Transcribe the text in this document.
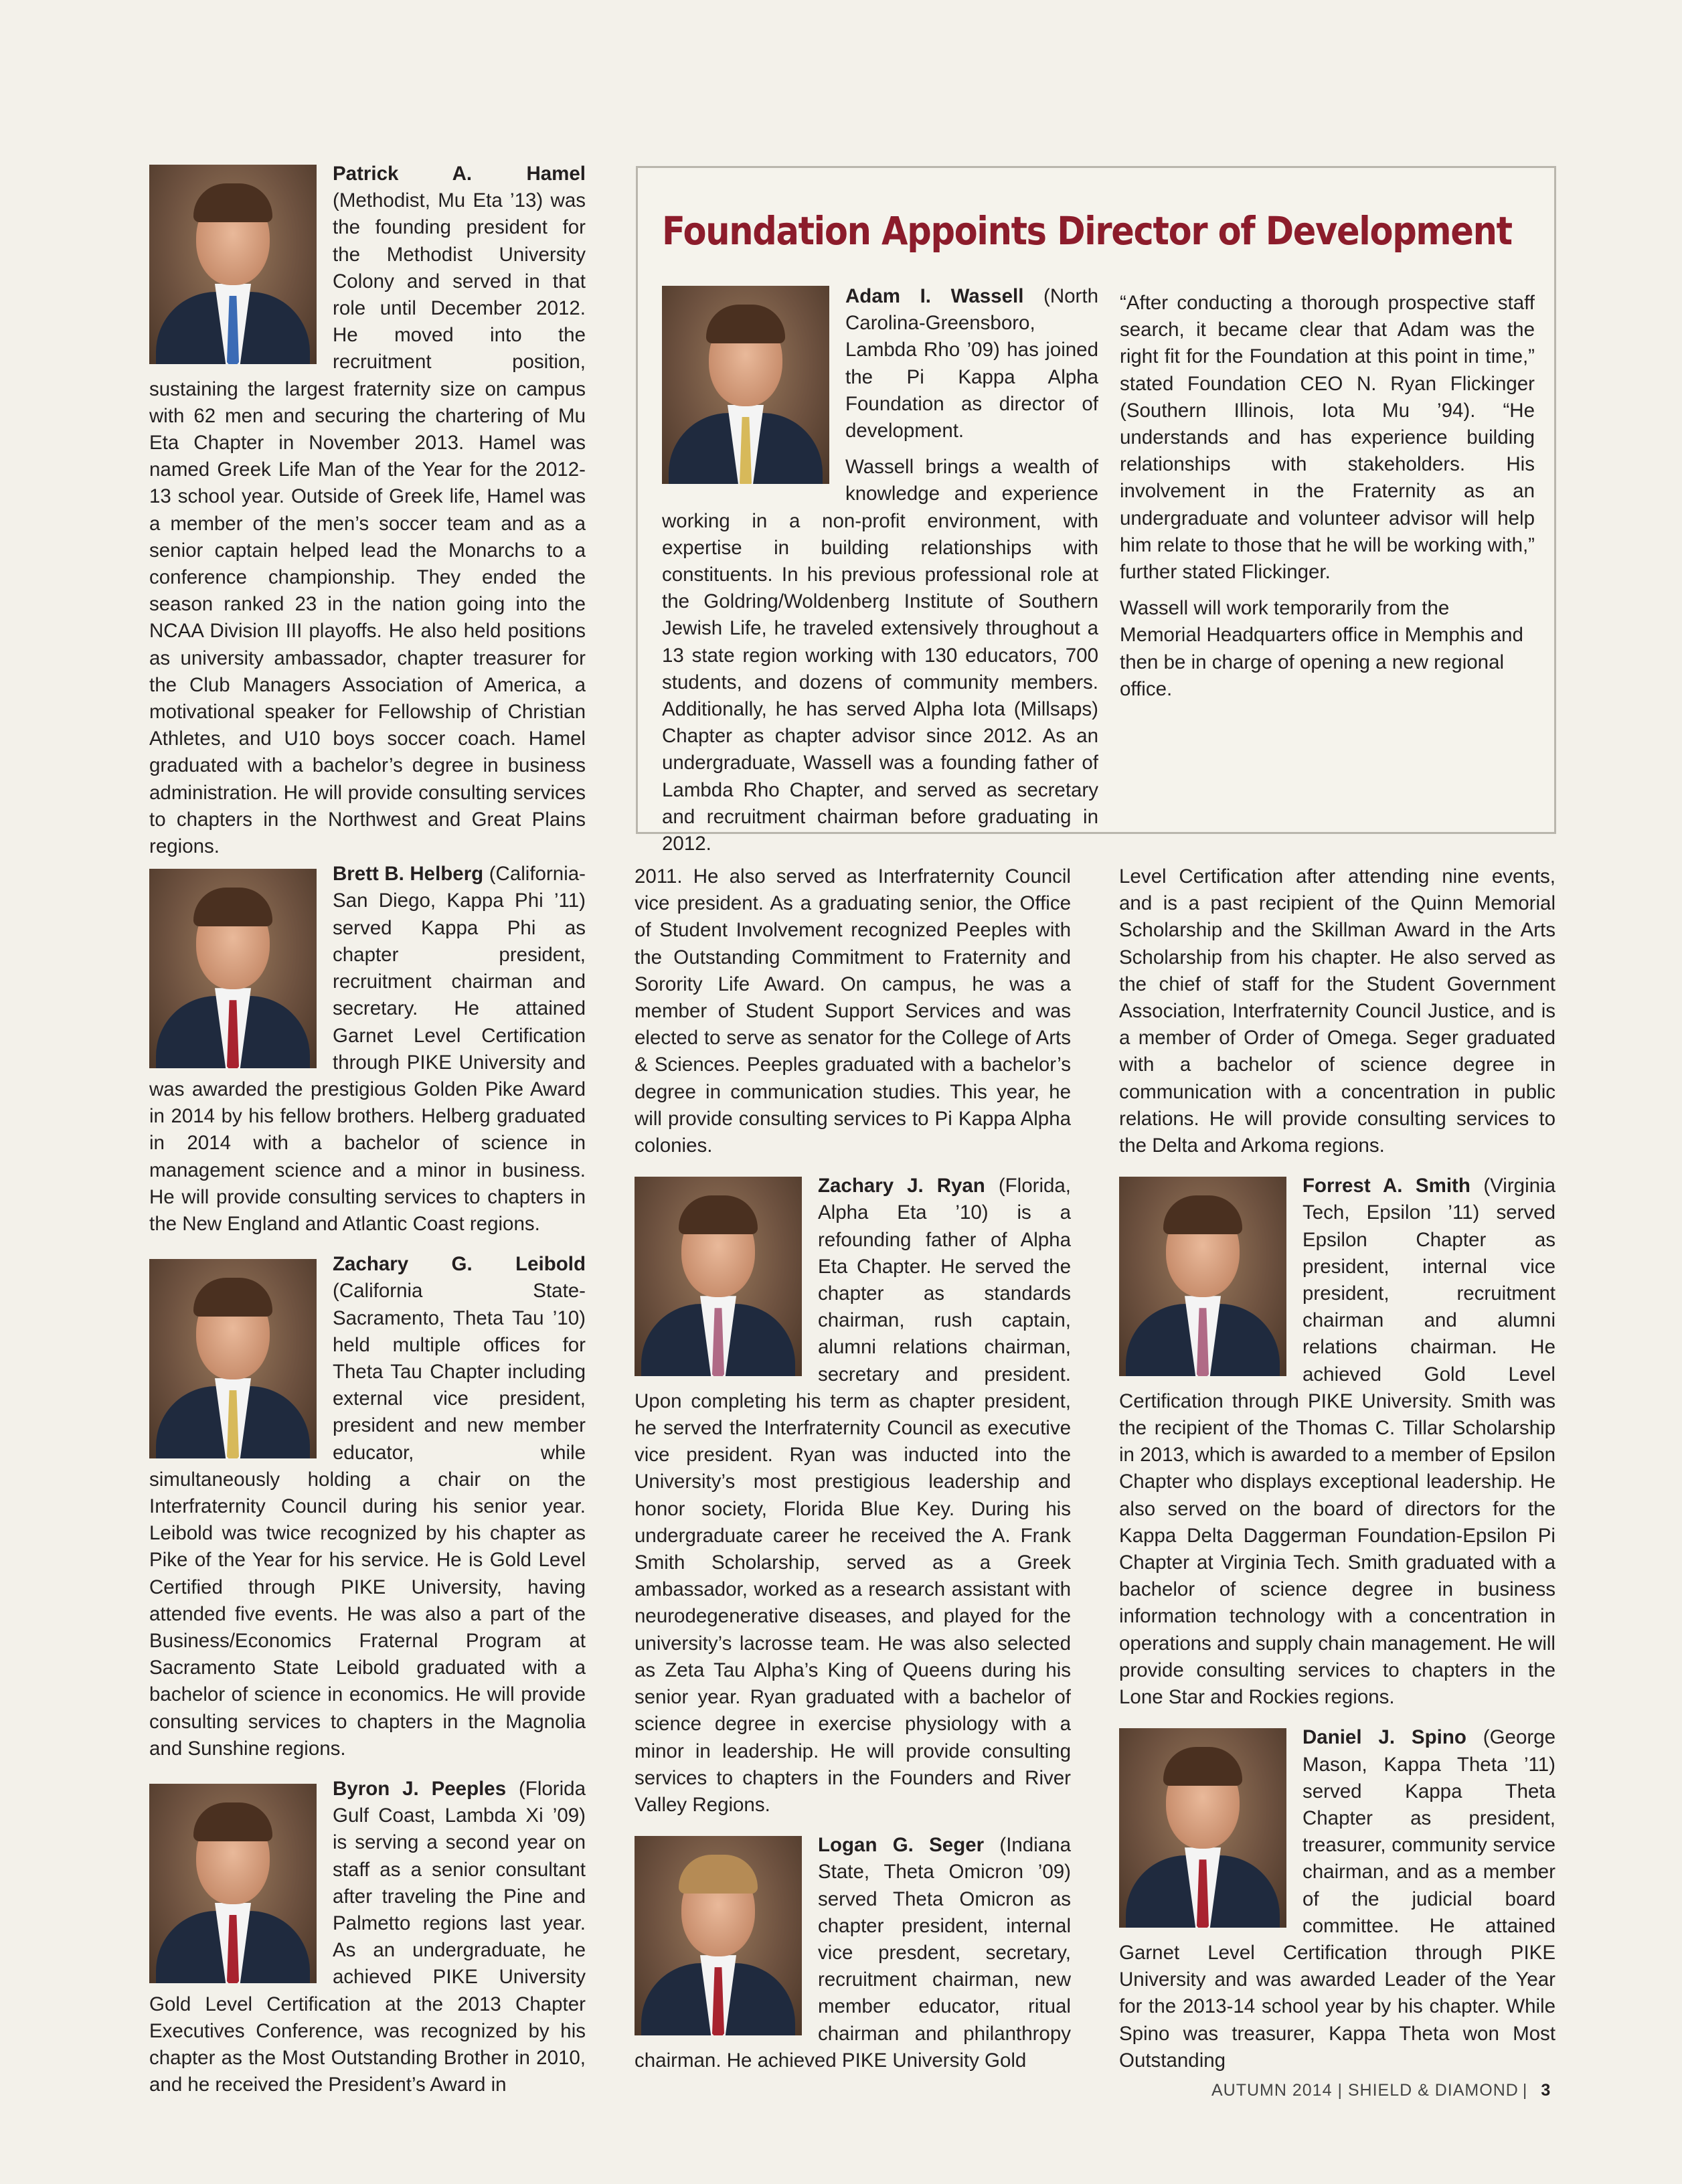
Patrick A. Hamel (Methodist, Mu Eta ’13) was the founding president for the Methodist University Colony and served in that role until December 2012. He moved into the recruitment position, sustaining the largest fraternity size on campus with 62 men and securing the chartering of Mu Eta Chapter in November 2013. Hamel was named Greek Life Man of the Year for the 2012-13 school year. Outside of Greek life, Hamel was a member of the men’s soccer team and as a senior captain helped lead the Monarchs to a conference championship. They ended the season ranked 23 in the nation going into the NCAA Division III playoffs. He also held positions as university ambassador, chapter treasurer for the Club Managers Association of America, a motivational speaker for Fellowship of Christian Athletes, and U10 boys soccer coach. Hamel graduated with a bachelor’s degree in business administration. He will provide consulting services to chapters in the Northwest and Great Plains regions.

Brett B. Helberg (California-San Diego, Kappa Phi ’11) served Kappa Phi as chapter president, recruitment chairman and secretary. He attained Garnet Level Certification through PIKE University and was awarded the prestigious Golden Pike Award in 2014 by his fellow brothers. Helberg graduated in 2014 with a bachelor of science in management science and a minor in business. He will provide consulting services to chapters in the New England and Atlantic Coast regions.

Zachary G. Leibold (California State-Sacramento, Theta Tau ’10) held multiple offices for Theta Tau Chapter including external vice president, president and new member educator, while simultaneously holding a chair on the Interfraternity Council during his senior year. Leibold was twice recognized by his chapter as Pike of the Year for his service. He is Gold Level Certified through PIKE University, having attended five events. He was also a part of the Business/Economics Fraternal Program at Sacramento State Leibold graduated with a bachelor of science in economics. He will provide consulting services to chapters in the Magnolia and Sunshine regions.

Byron J. Peeples (Florida Gulf Coast, Lambda Xi ’09) is serving a second year on staff as a senior consultant after traveling the Pine and Palmetto regions last year. As an undergraduate, he achieved PIKE University Gold Level Certification at the 2013 Chapter Executives Conference, was recognized by his chapter as the Most Outstanding Brother in 2010, and he received the President’s Award in

Foundation Appoints Director of Development

Adam I. Wassell (North Carolina-Greensboro, Lambda Rho ’09) has joined the Pi Kappa Alpha Foundation as director of development.

Wassell brings a wealth of knowledge and experience working in a non-profit environment, with expertise in building relationships with constituents. In his previous professional role at the Goldring/Woldenberg Institute of Southern Jewish Life, he traveled extensively throughout a 13 state region working with 130 educators, 700 students, and dozens of community members. Additionally, he has served Alpha Iota (Millsaps) Chapter as chapter advisor since 2012. As an undergraduate, Wassell was a founding father of Lambda Rho Chapter, and served as secretary and recruitment chairman before graduating in 2012.

“After conducting a thorough prospective staff search, it became clear that Adam was the right fit for the Foundation at this point in time,” stated Foundation CEO N. Ryan Flickinger (Southern Illinois, Iota Mu ’94). “He understands and has experience building relationships with stakeholders. His involvement in the Fraternity as an undergraduate and volunteer advisor will help him relate to those that he will be working with,” further stated Flickinger.

Wassell will work temporarily from the Memorial Headquarters office in Memphis and then be in charge of opening a new regional office.

2011. He also served as Interfraternity Council vice president. As a graduating senior, the Office of Student Involvement recognized Peeples with the Outstanding Commitment to Fraternity and Sorority Life Award. On campus, he was a member of Student Support Services and was elected to serve as senator for the College of Arts & Sciences. Peeples graduated with a bachelor’s degree in communication studies. This year, he will provide consulting services to Pi Kappa Alpha colonies.

Zachary J. Ryan (Florida, Alpha Eta ’10) is a refounding father of Alpha Eta Chapter. He served the chapter as standards chairman, rush captain, alumni relations chairman, secretary and president. Upon completing his term as chapter president, he served the Interfraternity Council as executive vice president. Ryan was inducted into the University’s most prestigious leadership and honor society, Florida Blue Key. During his undergraduate career he received the A. Frank Smith Scholarship, served as a Greek ambassador, worked as a research assistant with neurodegenerative diseases, and played for the university’s lacrosse team. He was also selected as Zeta Tau Alpha’s King of Queens during his senior year. Ryan graduated with a bachelor of science degree in exercise physiology with a minor in leadership. He will provide consulting services to chapters in the Founders and River Valley Regions.

Logan G. Seger (Indiana State, Theta Omicron ’09) served Theta Omicron as chapter president, internal vice presdent, secretary, recruitment chairman, new member educator, ritual chairman and philanthropy chairman. He achieved PIKE University Gold

Level Certification after attending nine events, and is a past recipient of the Quinn Memorial Scholarship and the Skillman Award in the Arts Scholarship from his chapter. He also served as the chief of staff for the Student Government Association, Interfraternity Council Justice, and is a member of Order of Omega. Seger graduated with a bachelor of science degree in communication with a concentration in public relations. He will provide consulting services to the Delta and Arkoma regions.

Forrest A. Smith (Virginia Tech, Epsilon ’11) served Epsilon Chapter as president, internal vice president, recruitment chairman and alumni relations chairman. He achieved Gold Level Certification through PIKE University. Smith was the recipient of the Thomas C. Tillar Scholarship in 2013, which is awarded to a member of Epsilon Chapter who displays exceptional leadership. He also served on the board of directors for the Kappa Delta Daggerman Foundation-Epsilon Pi Chapter at Virginia Tech. Smith graduated with a bachelor of science degree in business information technology with a concentration in operations and supply chain management. He will provide consulting services to chapters in the Lone Star and Rockies regions.

Daniel J. Spino (George Mason, Kappa Theta ’11) served Kappa Theta Chapter as president, treasurer, community service chairman, and as a member of the judicial board committee. He attained Garnet Level Certification through PIKE University and was awarded Leader of the Year for the 2013-14 school year by his chapter. While Spino was treasurer, Kappa Theta won Most Outstanding

AUTUMN 2014 | SHIELD & DIAMOND | 3
